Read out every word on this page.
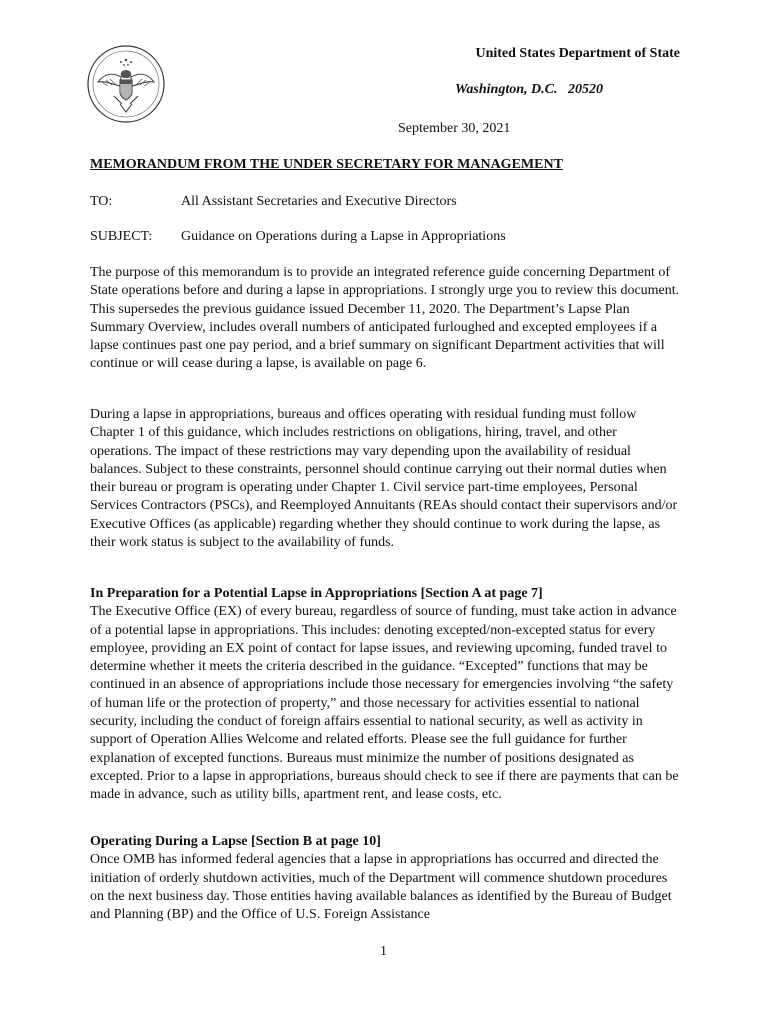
United States Department of State
Washington, D.C.   20520
September 30, 2021
MEMORANDUM FROM THE UNDER SECRETARY FOR MANAGEMENT
TO:	All Assistant Secretaries and Executive Directors
SUBJECT: Guidance on Operations during a Lapse in Appropriations

The purpose of this memorandum is to provide an integrated reference guide concerning Department of State operations before and during a lapse in appropriations. I strongly urge you to review this document. This supersedes the previous guidance issued December 11, 2020. The Department’s Lapse Plan Summary Overview, includes overall numbers of anticipated furloughed and excepted employees if a lapse continues past one pay period, and a brief summary on significant Department activities that will continue or will cease during a lapse, is available on page 6.

During a lapse in appropriations, bureaus and offices operating with residual funding must follow Chapter 1 of this guidance, which includes restrictions on obligations, hiring, travel, and other operations. The impact of these restrictions may vary depending upon the availability of residual balances. Subject to these constraints, personnel should continue carrying out their normal duties when their bureau or program is operating under Chapter 1. Civil service part-time employees, Personal Services Contractors (PSCs), and Reemployed Annuitants (REAs should contact their supervisors and/or Executive Offices (as applicable) regarding whether they should continue to work during the lapse, as their work status is subject to the availability of funds.

In Preparation for a Potential Lapse in Appropriations [Section A at page 7]

The Executive Office (EX) of every bureau, regardless of source of funding, must take action in advance of a potential lapse in appropriations. This includes: denoting excepted/non-excepted status for every employee, providing an EX point of contact for lapse issues, and reviewing upcoming, funded travel to determine whether it meets the criteria described in the guidance. “Excepted” functions that may be continued in an absence of appropriations include those necessary for emergencies involving “the safety of human life or the protection of property,” and those necessary for activities essential to national security, including the conduct of foreign affairs essential to national security, as well as activity in support of Operation Allies Welcome and related efforts. Please see the full guidance for further explanation of excepted functions. Bureaus must minimize the number of positions designated as excepted. Prior to a lapse in appropriations, bureaus should check to see if there are payments that can be made in advance, such as utility bills, apartment rent, and lease costs, etc.

Operating During a Lapse [Section B at page 10]

Once OMB has informed federal agencies that a lapse in appropriations has occurred and directed the initiation of orderly shutdown activities, much of the Department will commence shutdown procedures on the next business day. Those entities having available balances as identified by the Bureau of Budget and Planning (BP) and the Office of U.S. Foreign Assistance

1
